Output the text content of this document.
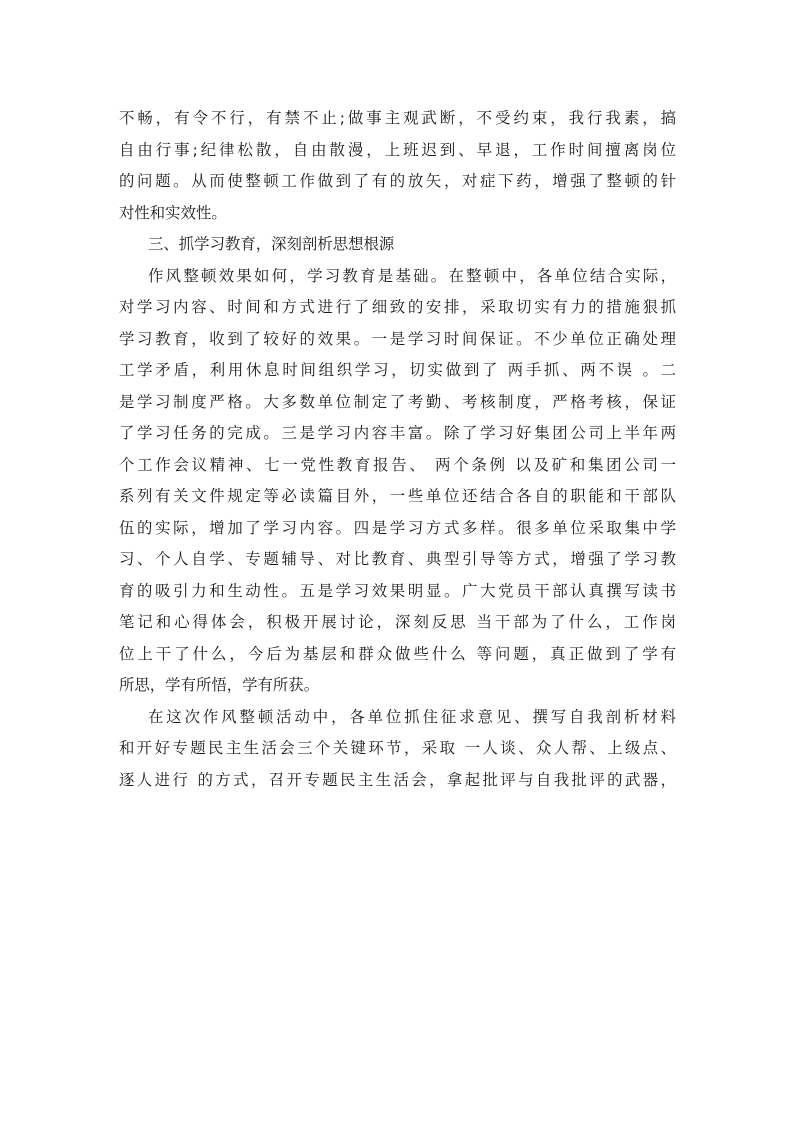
不畅，有令不行，有禁不止;做事主观武断，不受约束，我行我素，搞
自由行事;纪律松散，自由散漫，上班迟到、早退，工作时间擅离岗位
的问题。从而使整顿工作做到了有的放矢，对症下药，增强了整顿的针
对性和实效性。
三、抓学习教育，深刻剖析思想根源
作风整顿效果如何，学习教育是基础。在整顿中，各单位结合实际，
对学习内容、时间和方式进行了细致的安排，采取切实有力的措施狠抓
学习教育，收到了较好的效果。一是学习时间保证。不少单位正确处理
工学矛盾，利用休息时间组织学习，切实做到了 两手抓、两不误 。二
是学习制度严格。大多数单位制定了考勤、考核制度，严格考核，保证
了学习任务的完成。三是学习内容丰富。除了学习好集团公司上半年两
个工作会议精神、七一党性教育报告、 两个条例 以及矿和集团公司一
系列有关文件规定等必读篇目外，一些单位还结合各自的职能和干部队
伍的实际，增加了学习内容。四是学习方式多样。很多单位采取集中学
习、个人自学、专题辅导、对比教育、典型引导等方式，增强了学习教
育的吸引力和生动性。五是学习效果明显。广大党员干部认真撰写读书
笔记和心得体会，积极开展讨论，深刻反思 当干部为了什么，工作岗
位上干了什么，今后为基层和群众做些什么 等问题，真正做到了学有
所思，学有所悟，学有所获。
在这次作风整顿活动中，各单位抓住征求意见、撰写自我剖析材料
和开好专题民主生活会三个关键环节，采取 一人谈、众人帮、上级点、
逐人进行 的方式，召开专题民主生活会，拿起批评与自我批评的武器，
